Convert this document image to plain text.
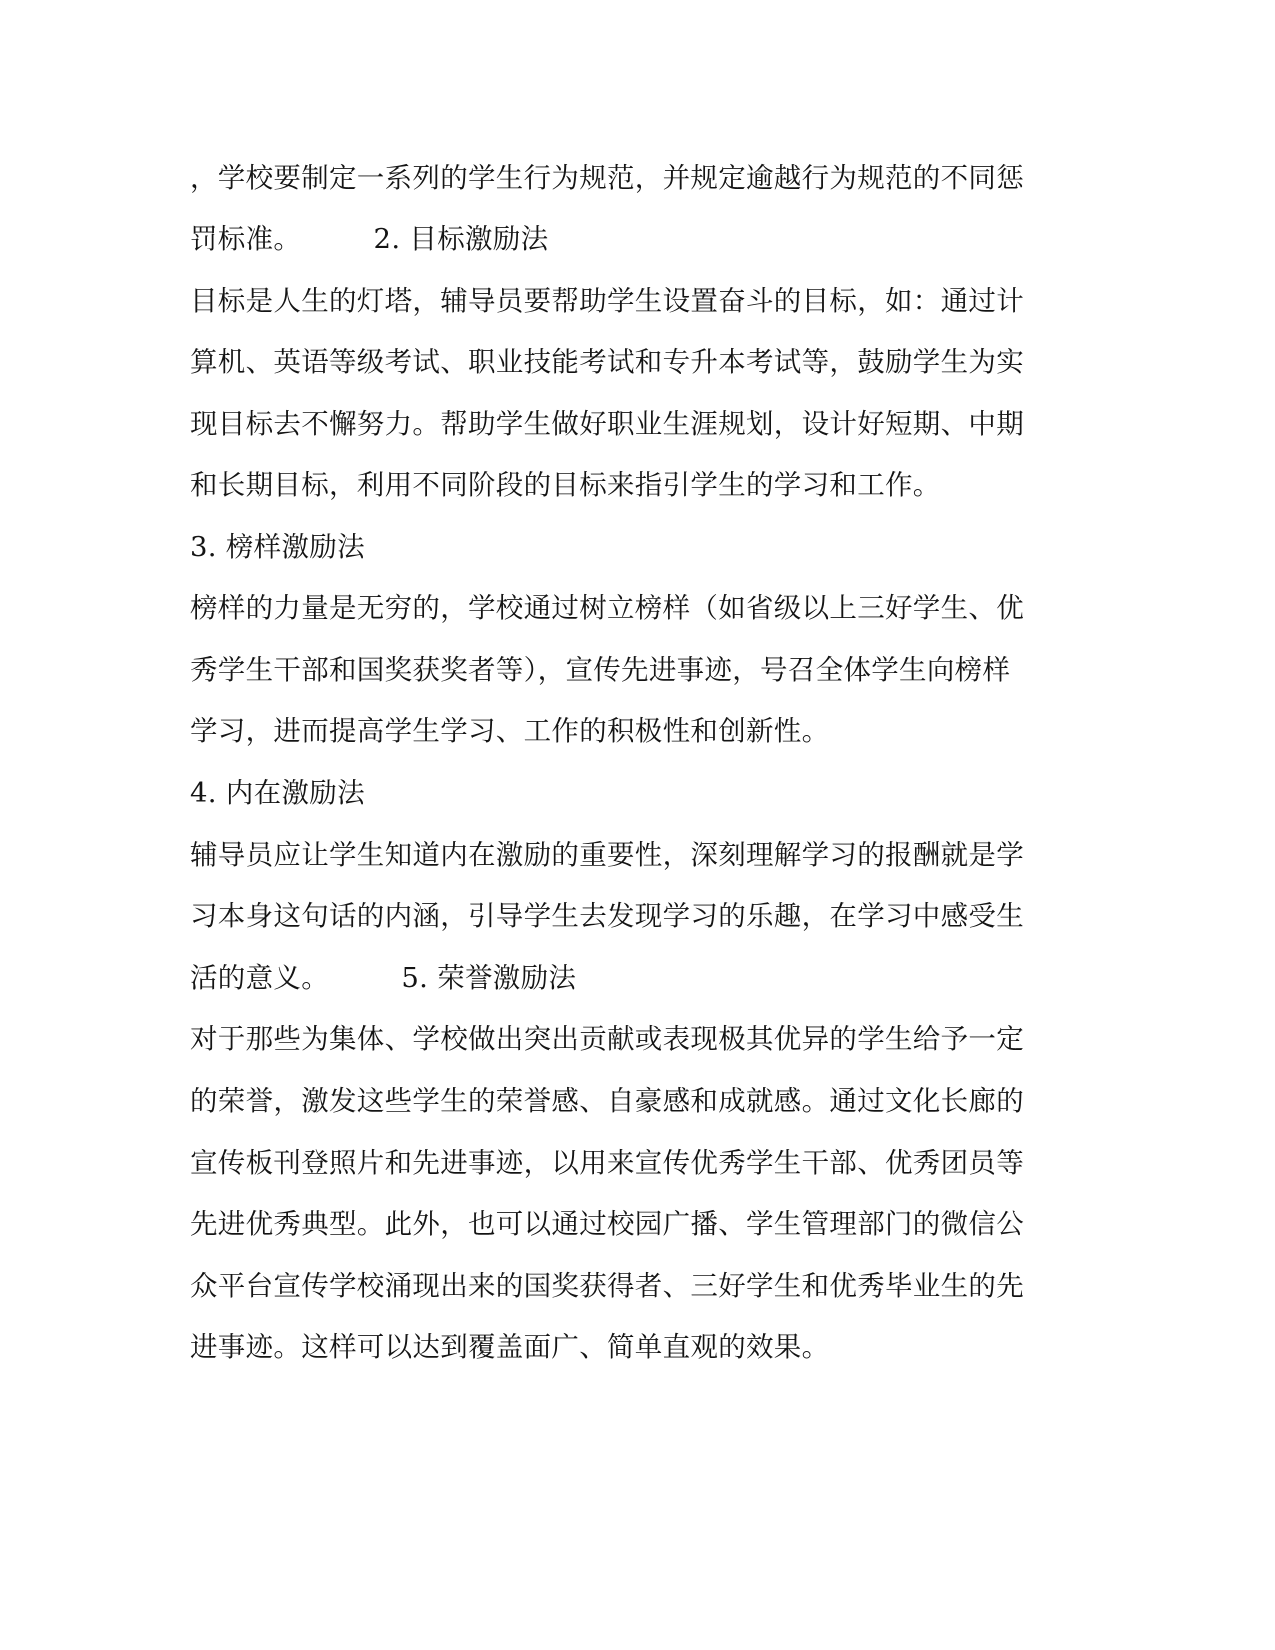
，学校要制定一系列的学生行为规范，并规定逾越行为规范的不同惩
罚标准。        2. 目标激励法
目标是人生的灯塔，辅导员要帮助学生设置奋斗的目标，如：通过计
算机、英语等级考试、职业技能考试和专升本考试等，鼓励学生为实
现目标去不懈努力。帮助学生做好职业生涯规划，设计好短期、中期
和长期目标，利用不同阶段的目标来指引学生的学习和工作。
3. 榜样激励法
榜样的力量是无穷的，学校通过树立榜样（如省级以上三好学生、优
秀学生干部和国奖获奖者等），宣传先进事迹，号召全体学生向榜样
学习，进而提高学生学习、工作的积极性和创新性。
4. 内在激励法
辅导员应让学生知道内在激励的重要性，深刻理解学习的报酬就是学
习本身这句话的内涵，引导学生去发现学习的乐趣，在学习中感受生
活的意义。        5. 荣誉激励法
对于那些为集体、学校做出突出贡献或表现极其优异的学生给予一定
的荣誉，激发这些学生的荣誉感、自豪感和成就感。通过文化长廊的
宣传板刊登照片和先进事迹，以用来宣传优秀学生干部、优秀团员等
先进优秀典型。此外，也可以通过校园广播、学生管理部门的微信公
众平台宣传学校涌现出来的国奖获得者、三好学生和优秀毕业生的先
进事迹。这样可以达到覆盖面广、简单直观的效果。
